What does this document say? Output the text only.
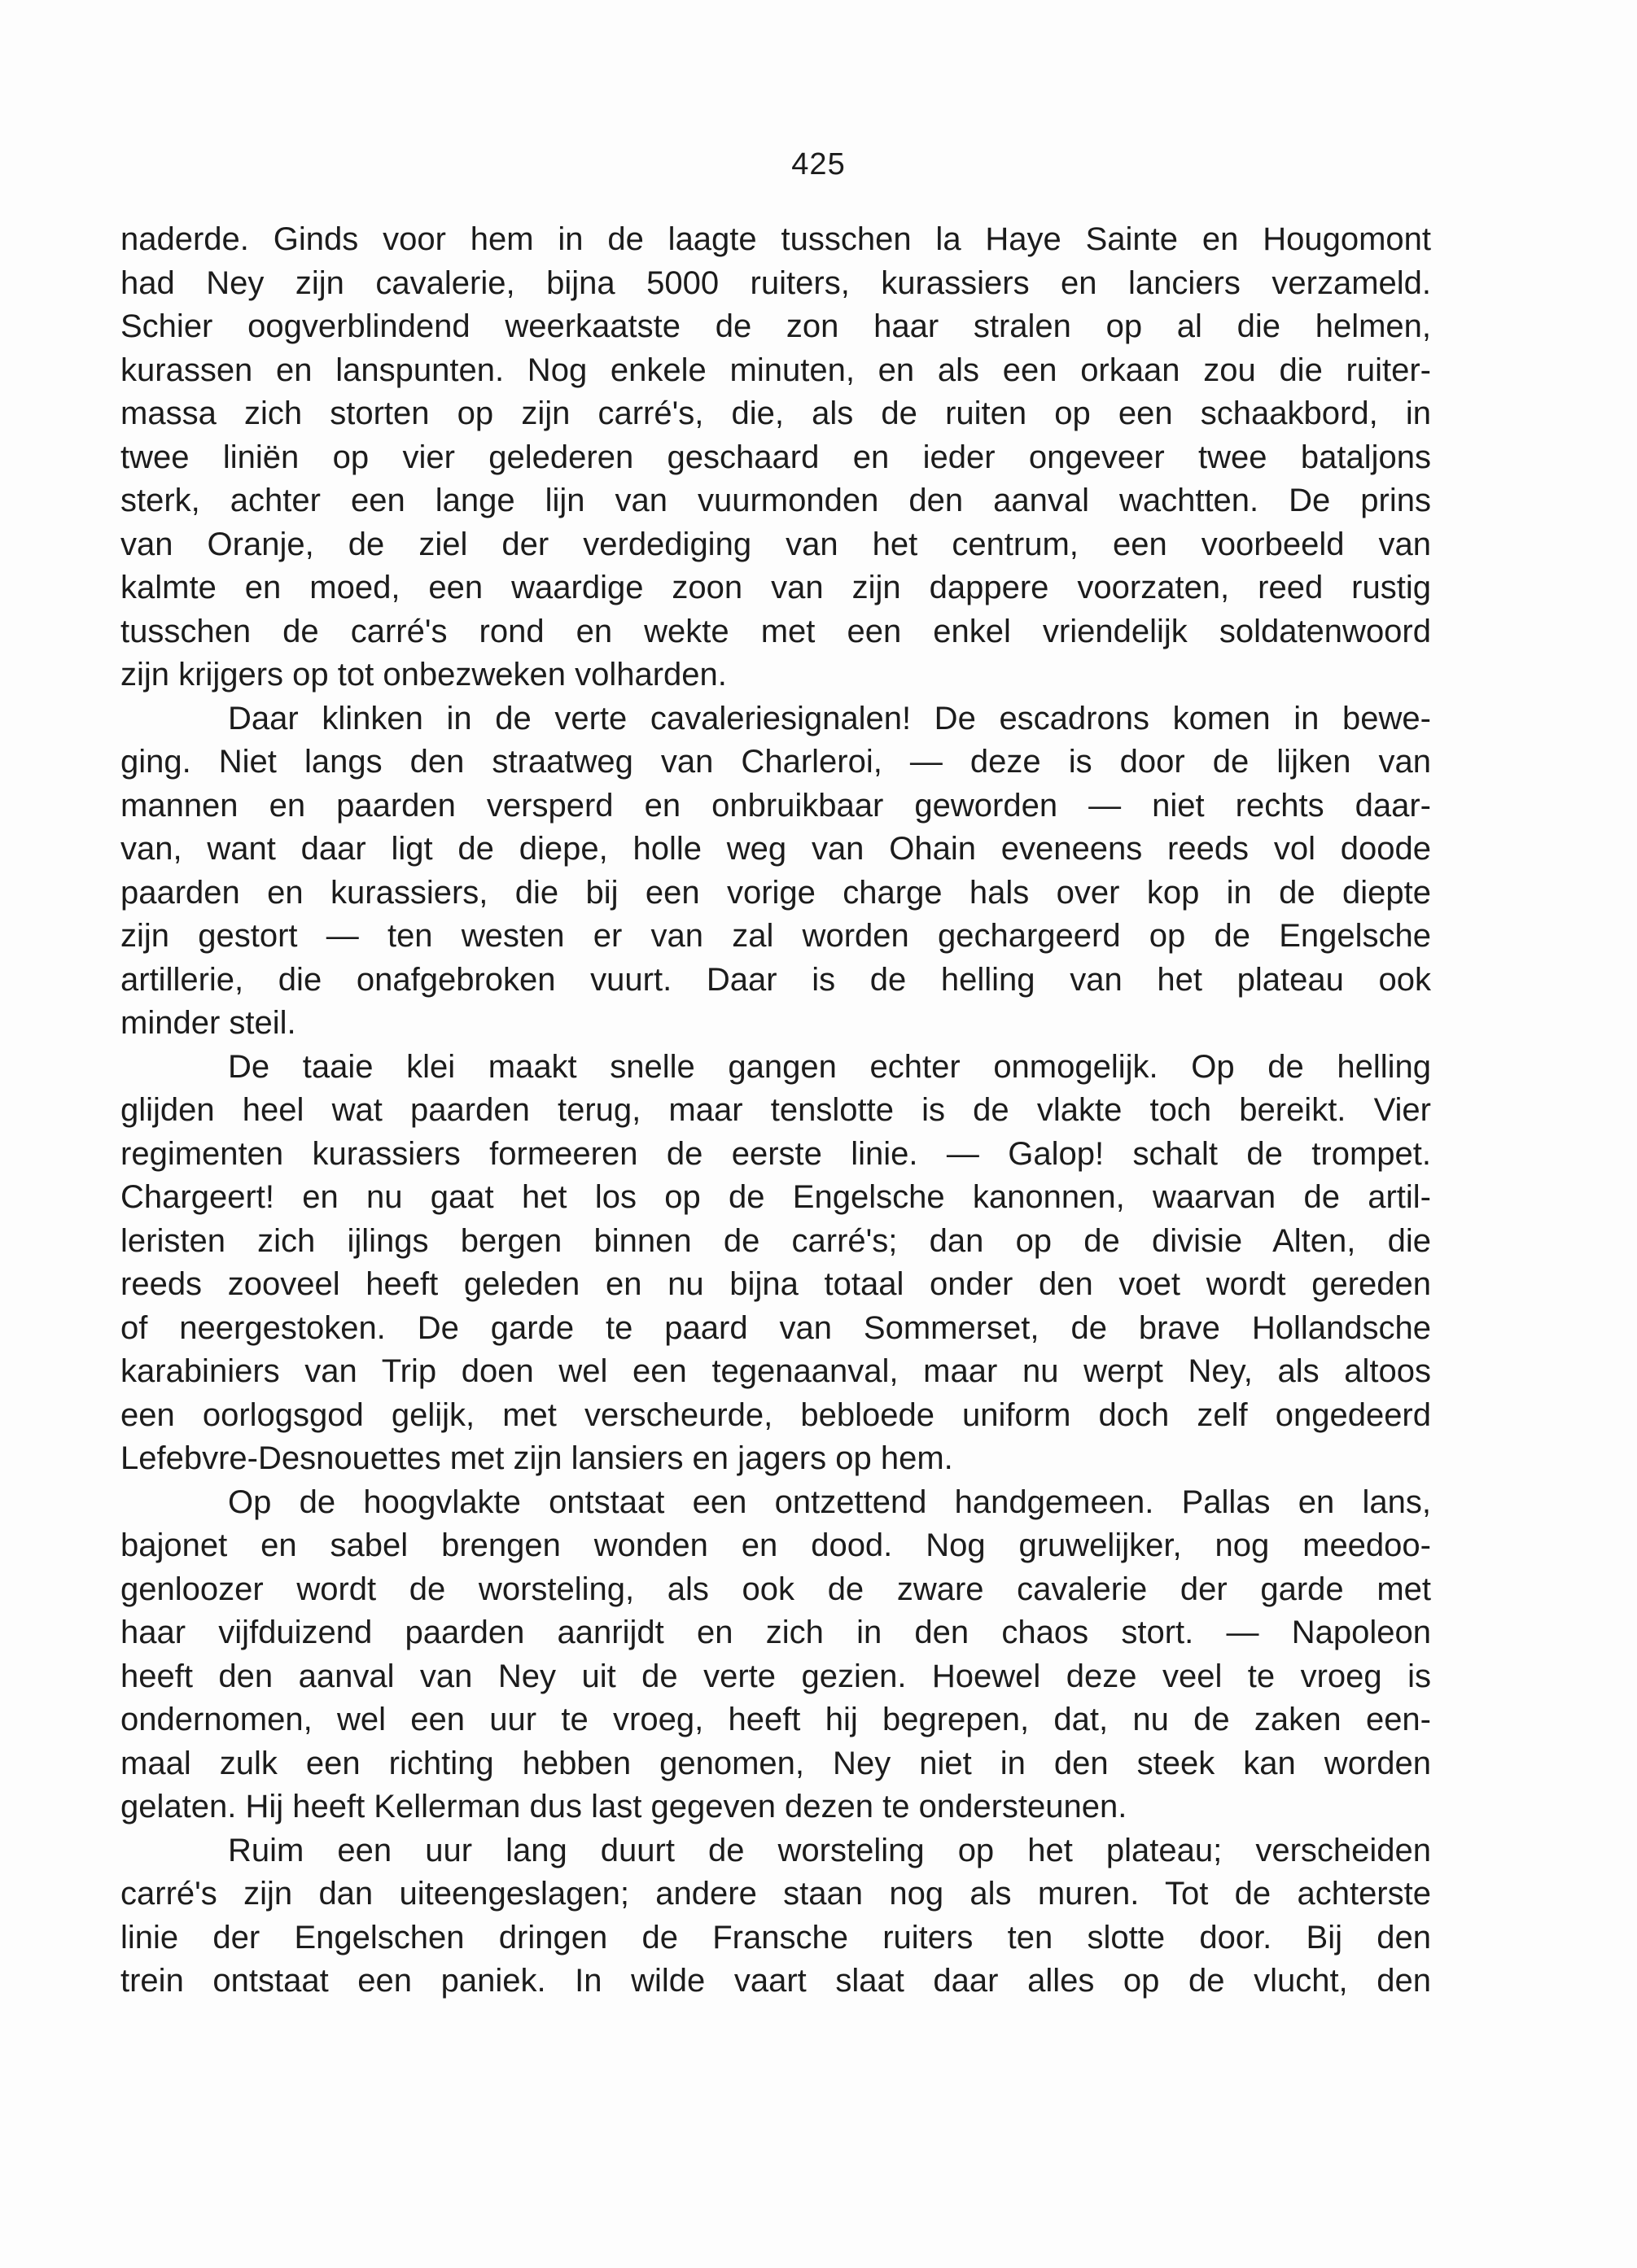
425
naderde. Ginds voor hem in de laagte tusschen la Haye Sainte en Hougomont
had Ney zijn cavalerie, bijna 5000 ruiters, kurassiers en lanciers verzameld.
Schier oogverblindend weerkaatste de zon haar stralen op al die helmen,
kurassen en lanspunten. Nog enkele minuten, en als een orkaan zou die ruiter-
massa zich storten op zijn carré's, die, als de ruiten op een schaakbord, in
twee liniën op vier gelederen geschaard en ieder ongeveer twee bataljons
sterk, achter een lange lijn van vuurmonden den aanval wachtten. De prins
van Oranje, de ziel der verdediging van het centrum, een voorbeeld van
kalmte en moed, een waardige zoon van zijn dappere voorzaten, reed rustig
tusschen de carré's rond en wekte met een enkel vriendelijk soldatenwoord
zijn krijgers op tot onbezweken volharden.
Daar klinken in de verte cavaleriesignalen! De escadrons komen in bewe-
ging. Niet langs den straatweg van Charleroi, — deze is door de lijken van
mannen en paarden versperd en onbruikbaar geworden — niet rechts daar-
van, want daar ligt de diepe, holle weg van Ohain eveneens reeds vol doode
paarden en kurassiers, die bij een vorige charge hals over kop in de diepte
zijn gestort — ten westen er van zal worden gechargeerd op de Engelsche
artillerie, die onafgebroken vuurt. Daar is de helling van het plateau ook
minder steil.
De taaie klei maakt snelle gangen echter onmogelijk. Op de helling
glijden heel wat paarden terug, maar tenslotte is de vlakte toch bereikt. Vier
regimenten kurassiers formeeren de eerste linie. — Galop! schalt de trompet.
Chargeert! en nu gaat het los op de Engelsche kanonnen, waarvan de artil-
leristen zich ijlings bergen binnen de carré's; dan op de divisie Alten, die
reeds zooveel heeft geleden en nu bijna totaal onder den voet wordt gereden
of neergestoken. De garde te paard van Sommerset, de brave Hollandsche
karabiniers van Trip doen wel een tegenaanval, maar nu werpt Ney, als altoos
een oorlogsgod gelijk, met verscheurde, bebloede uniform doch zelf ongedeerd
Lefebvre-Desnouettes met zijn lansiers en jagers op hem.
Op de hoogvlakte ontstaat een ontzettend handgemeen. Pallas en lans,
bajonet en sabel brengen wonden en dood. Nog gruwelijker, nog meedoo-
genloozer wordt de worsteling, als ook de zware cavalerie der garde met
haar vijfduizend paarden aanrijdt en zich in den chaos stort. — Napoleon
heeft den aanval van Ney uit de verte gezien. Hoewel deze veel te vroeg is
ondernomen, wel een uur te vroeg, heeft hij begrepen, dat, nu de zaken een-
maal zulk een richting hebben genomen, Ney niet in den steek kan worden
gelaten. Hij heeft Kellerman dus last gegeven dezen te ondersteunen.
Ruim een uur lang duurt de worsteling op het plateau; verscheiden
carré's zijn dan uiteengeslagen; andere staan nog als muren. Tot de achterste
linie der Engelschen dringen de Fransche ruiters ten slotte door. Bij den
trein ontstaat een paniek. In wilde vaart slaat daar alles op de vlucht, den
